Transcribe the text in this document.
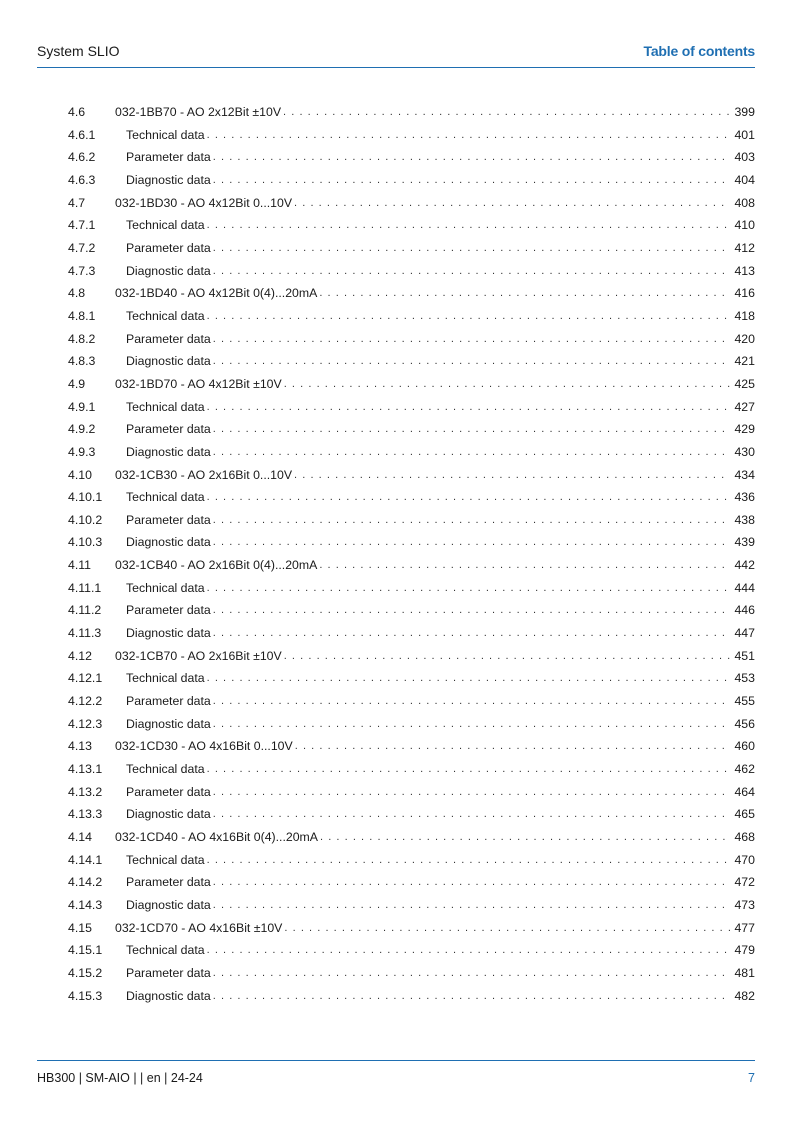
System SLIO	Table of contents
4.6	032-1BB70 - AO 2x12Bit ±10V . . .	399
4.6.1	Technical data . . .	401
4.6.2	Parameter data . . .	403
4.6.3	Diagnostic data . . .	404
4.7	032-1BD30 - AO 4x12Bit 0...10V . . .	408
4.7.1	Technical data . . .	410
4.7.2	Parameter data . . .	412
4.7.3	Diagnostic data . . .	413
4.8	032-1BD40 - AO 4x12Bit 0(4)...20mA . . .	416
4.8.1	Technical data . . .	418
4.8.2	Parameter data . . .	420
4.8.3	Diagnostic data . . .	421
4.9	032-1BD70 - AO 4x12Bit ±10V . . .	425
4.9.1	Technical data . . .	427
4.9.2	Parameter data . . .	429
4.9.3	Diagnostic data . . .	430
4.10	032-1CB30 - AO 2x16Bit 0...10V . . .	434
4.10.1	Technical data . . .	436
4.10.2	Parameter data . . .	438
4.10.3	Diagnostic data . . .	439
4.11	032-1CB40 - AO 2x16Bit 0(4)...20mA . . .	442
4.11.1	Technical data . . .	444
4.11.2	Parameter data . . .	446
4.11.3	Diagnostic data . . .	447
4.12	032-1CB70 - AO 2x16Bit ±10V . . .	451
4.12.1	Technical data . . .	453
4.12.2	Parameter data . . .	455
4.12.3	Diagnostic data . . .	456
4.13	032-1CD30 - AO 4x16Bit 0...10V . . .	460
4.13.1	Technical data . . .	462
4.13.2	Parameter data . . .	464
4.13.3	Diagnostic data . . .	465
4.14	032-1CD40 - AO 4x16Bit 0(4)...20mA . . .	468
4.14.1	Technical data . . .	470
4.14.2	Parameter data . . .	472
4.14.3	Diagnostic data . . .	473
4.15	032-1CD70 - AO 4x16Bit ±10V . . .	477
4.15.1	Technical data . . .	479
4.15.2	Parameter data . . .	481
4.15.3	Diagnostic data . . .	482
HB300 | SM-AIO | | en | 24-24	7
